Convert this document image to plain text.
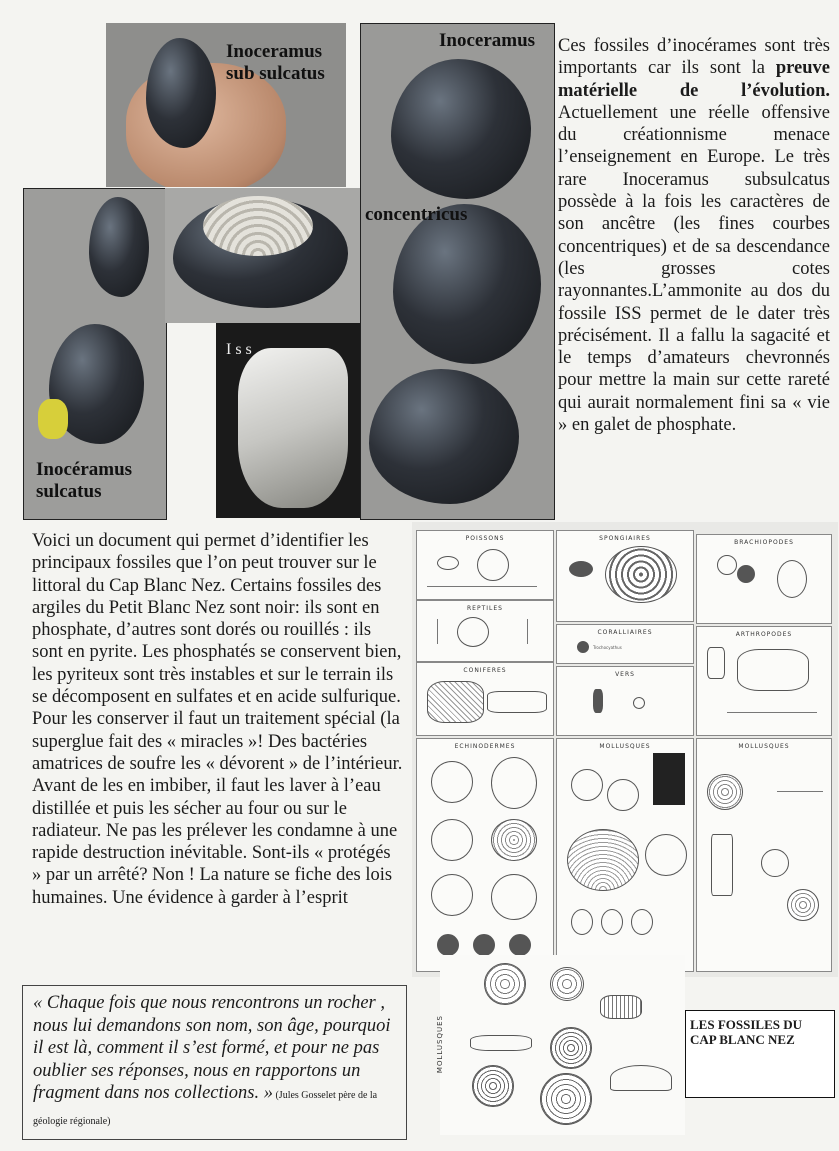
Inoceramus sub sulcatus
Inoceramus
concentricus
Inocéramus sulcatus
I s s
Ces fossiles d’inocérames sont très importants car ils sont la preuve matérielle de l’évolution. Actuellement une réelle offensive du créationnisme menace l’enseignement en Europe. Le très rare Inoceramus subsulcatus possède à la fois les caractères de son ancêtre (les fines courbes concentriques) et de sa descendance (les grosses cotes rayonnantes.L’ammonite au dos du fossile ISS permet de le dater très précisément. Il a fallu la sagacité et le temps d’amateurs chevronnés pour mettre la main sur cette rareté qui aurait normalement fini sa « vie » en galet de phosphate.
Voici un document qui permet d’identifier les principaux fossiles que l’on peut trouver sur le littoral du Cap Blanc Nez. Certains fossiles des argiles du Petit Blanc Nez sont noir: ils sont en phosphate, d’autres sont dorés ou rouillés : ils sont en pyrite. Les phosphatés se conservent bien, les pyriteux sont très instables et sur le terrain ils se décomposent en sulfates et en acide sulfurique. Pour les conserver il faut un traitement spécial (la superglue fait des « miracles »! Des bactéries amatrices de soufre les « dévorent » de l’intérieur. Avant de les en imbiber, il faut les laver à l’eau distillée et puis les sécher au four ou sur le radiateur. Ne pas les prélever les condamne à une rapide destruction inévitable. Sont-ils « protégés » par un arrêté? Non ! La nature se fiche des lois humaines. Une évidence à garder à l’esprit
« Chaque fois que nous rencontrons un rocher , nous lui demandons son nom, son âge, pourquoi il est là, comment il s’est formé, et pour ne pas oublier ses réponses, nous en rapportons un fragment dans nos collections. » (Jules Gosselet père de la géologie régionale)
POISSONS	SPONGIAIRES
BRACHIOPODES
REPTILES
CORALLIAIRES
Trochocyathus
ARTHROPODES
CONIFERES
VERS
ECHINODERMES	MOLLUSQUES	MOLLUSQUES
MOLLUSQUES	LES FOSSILES DU CAP BLANC NEZ
